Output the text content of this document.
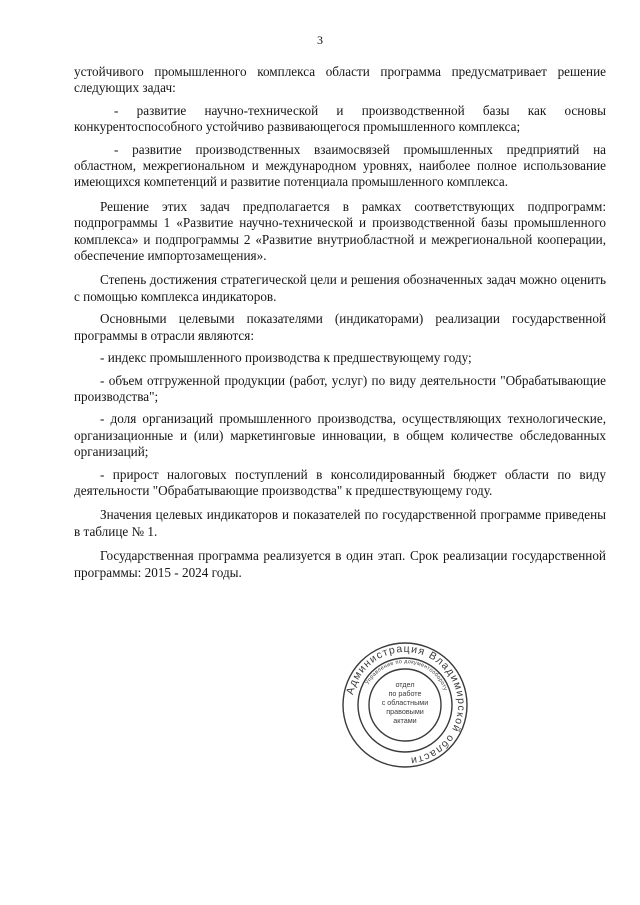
3

устойчивого промышленного комплекса области программа предусматривает решение следующих задач:

- развитие научно-технической и производственной базы как основы конкурентоспособного устойчиво развивающегося промышленного комплекса;

- развитие производственных взаимосвязей промышленных предприятий на областном, межрегиональном и международном уровнях, наиболее полное использование имеющихся компетенций и развитие потенциала промышленного комплекса.

Решение этих задач предполагается в рамках соответствующих подпрограмм: подпрограммы 1 «Развитие научно-технической и производственной базы промышленного комплекса» и подпрограммы 2 «Развитие внутриобластной и межрегиональной кооперации, обеспечение импортозамещения».

Степень достижения стратегической цели и решения обозначенных задач можно оценить с помощью комплекса индикаторов.

Основными целевыми показателями (индикаторами) реализации государственной программы в отрасли являются:

- индекс промышленного производства к предшествующему году;

- объем отгруженной продукции (работ, услуг) по виду деятельности "Обрабатывающие производства";

- доля организаций промышленного производства, осуществляющих технологические, организационные и (или) маркетинговые инновации, в общем количестве обследованных организаций;

- прирост налоговых поступлений в консолидированный бюджет области по виду деятельности "Обрабатывающие производства" к предшествующему году.

Значения целевых индикаторов и показателей по государственной программе приведены в таблице № 1.

Государственная программа реализуется в один этап. Срок реализации государственной программы: 2015 - 2024 годы.

Администрация Владимирской области
Управление по документообороту
отдел
по работе
с областными
правовыми
актами
